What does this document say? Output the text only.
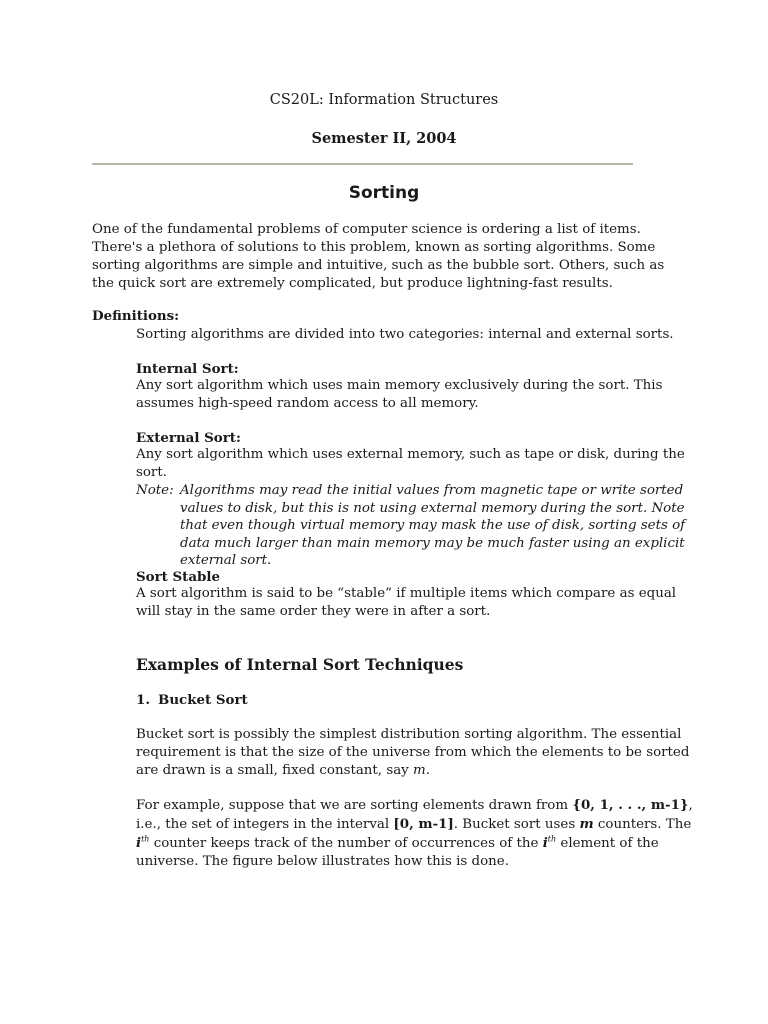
CS20L: Information Structures
Semester II, 2004
Sorting
One of the fundamental problems of computer science is ordering a list of items. There's a plethora of solutions to this problem, known as sorting algorithms. Some sorting algorithms are simple and intuitive, such as the bubble sort. Others, such as the quick sort are extremely complicated, but produce lightning-fast results.
Definitions:
Sorting algorithms are divided into two categories: internal and external sorts.
Internal Sort:
Any sort algorithm which uses main memory exclusively during the sort. This assumes high-speed random access to all memory.
External Sort:
Any sort algorithm which uses external memory, such as tape or disk, during the sort.
Note: Algorithms may read the initial values from magnetic tape or write sorted values to disk, but this is not using external memory during the sort. Note that even though virtual memory may mask the use of disk, sorting sets of data much larger than main memory may be much faster using an explicit external sort.
Sort Stable
A sort algorithm is said to be “stable” if multiple items which compare as equal will stay in the same order they were in after a sort.
Examples of Internal Sort Techniques
1. Bucket Sort
Bucket sort is possibly the simplest distribution sorting algorithm. The essential requirement is that the size of the universe from which the elements to be sorted are drawn is a small, fixed constant, say m.
For example, suppose that we are sorting elements drawn from {0, 1, . . ., m-1}, i.e., the set of integers in the interval [0, m-1]. Bucket sort uses m counters. The $i^{th}$ counter keeps track of the number of occurrences of the $i^{th}$ element of the universe. The figure below illustrates how this is done.
